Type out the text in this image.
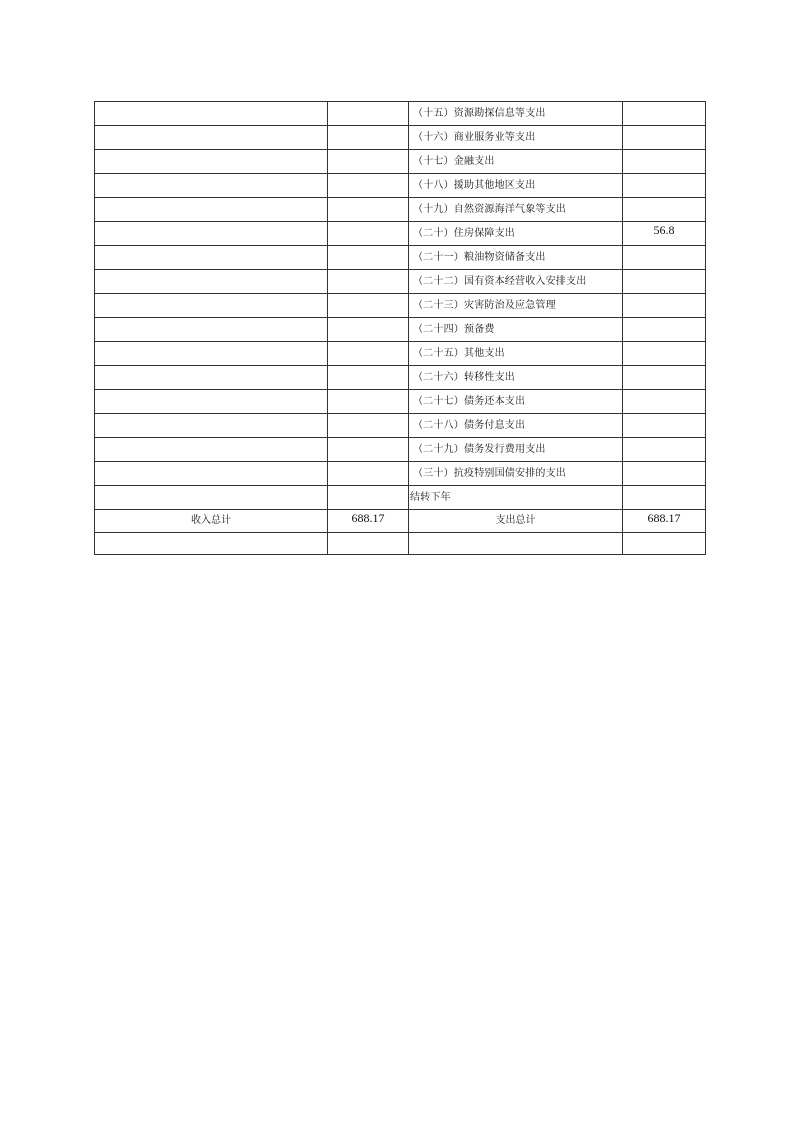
		（十五）资源勘探信息等支出	
		（十六）商业服务业等支出	
		（十七）金融支出	
		（十八）援助其他地区支出	
		（十九）自然资源海洋气象等支出	
		（二十）住房保障支出	56.8
		（二十一）粮油物资储备支出	
		（二十二）国有资本经营收入安排支出	
		（二十三）灾害防治及应急管理	
		（二十四）预备费	
		（二十五）其他支出	
		（二十六）转移性支出	
		（二十七）债务还本支出	
		（二十八）债务付息支出	
		（二十九）债务发行费用支出	
		（三十）抗疫特别国债安排的支出	
		结转下年	
收入总计	688.17	支出总计	688.17
